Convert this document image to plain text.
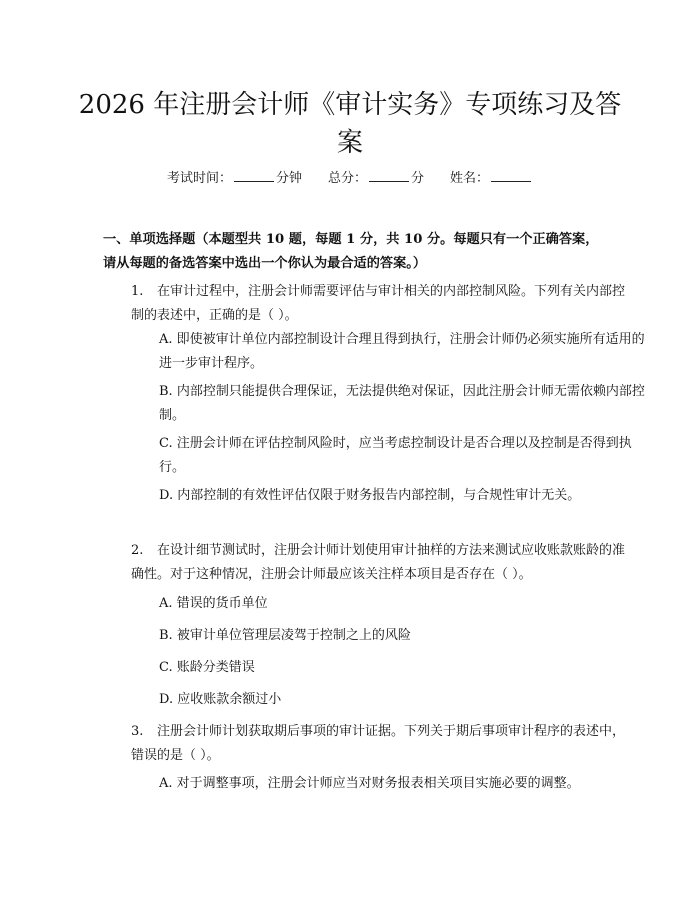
2026 年注册会计师《审计实务》专项练习及答案
考试时间：	分钟 总分：	分 姓名：

一、单项选择题（本题型共 10 题，每题 1 分，共 10 分。每题只有一个正确答案，请从每题的备选答案中选出一个你认为最合适的答案。）

1. 在审计过程中，注册会计师需要评估与审计相关的内部控制风险。下列有关内部控制的表述中，正确的是（ ）。

A. 即使被审计单位内部控制设计合理且得到执行，注册会计师仍必须实施所有适用的进一步审计程序。

B. 内部控制只能提供合理保证，无法提供绝对保证，因此注册会计师无需依赖内部控制。

C. 注册会计师在评估控制风险时，应当考虑控制设计是否合理以及控制是否得到执行。

D. 内部控制的有效性评估仅限于财务报告内部控制，与合规性审计无关。

2. 在设计细节测试时，注册会计师计划使用审计抽样的方法来测试应收账款账龄的准确性。对于这种情况，注册会计师最应该关注样本项目是否存在（ ）。

A. 错误的货币单位

B. 被审计单位管理层凌驾于控制之上的风险

C. 账龄分类错误

D. 应收账款余额过小

3. 注册会计师计划获取期后事项的审计证据。下列关于期后事项审计程序的表述中，错误的是（ ）。

A. 对于调整事项，注册会计师应当对财务报表相关项目实施必要的调整。
